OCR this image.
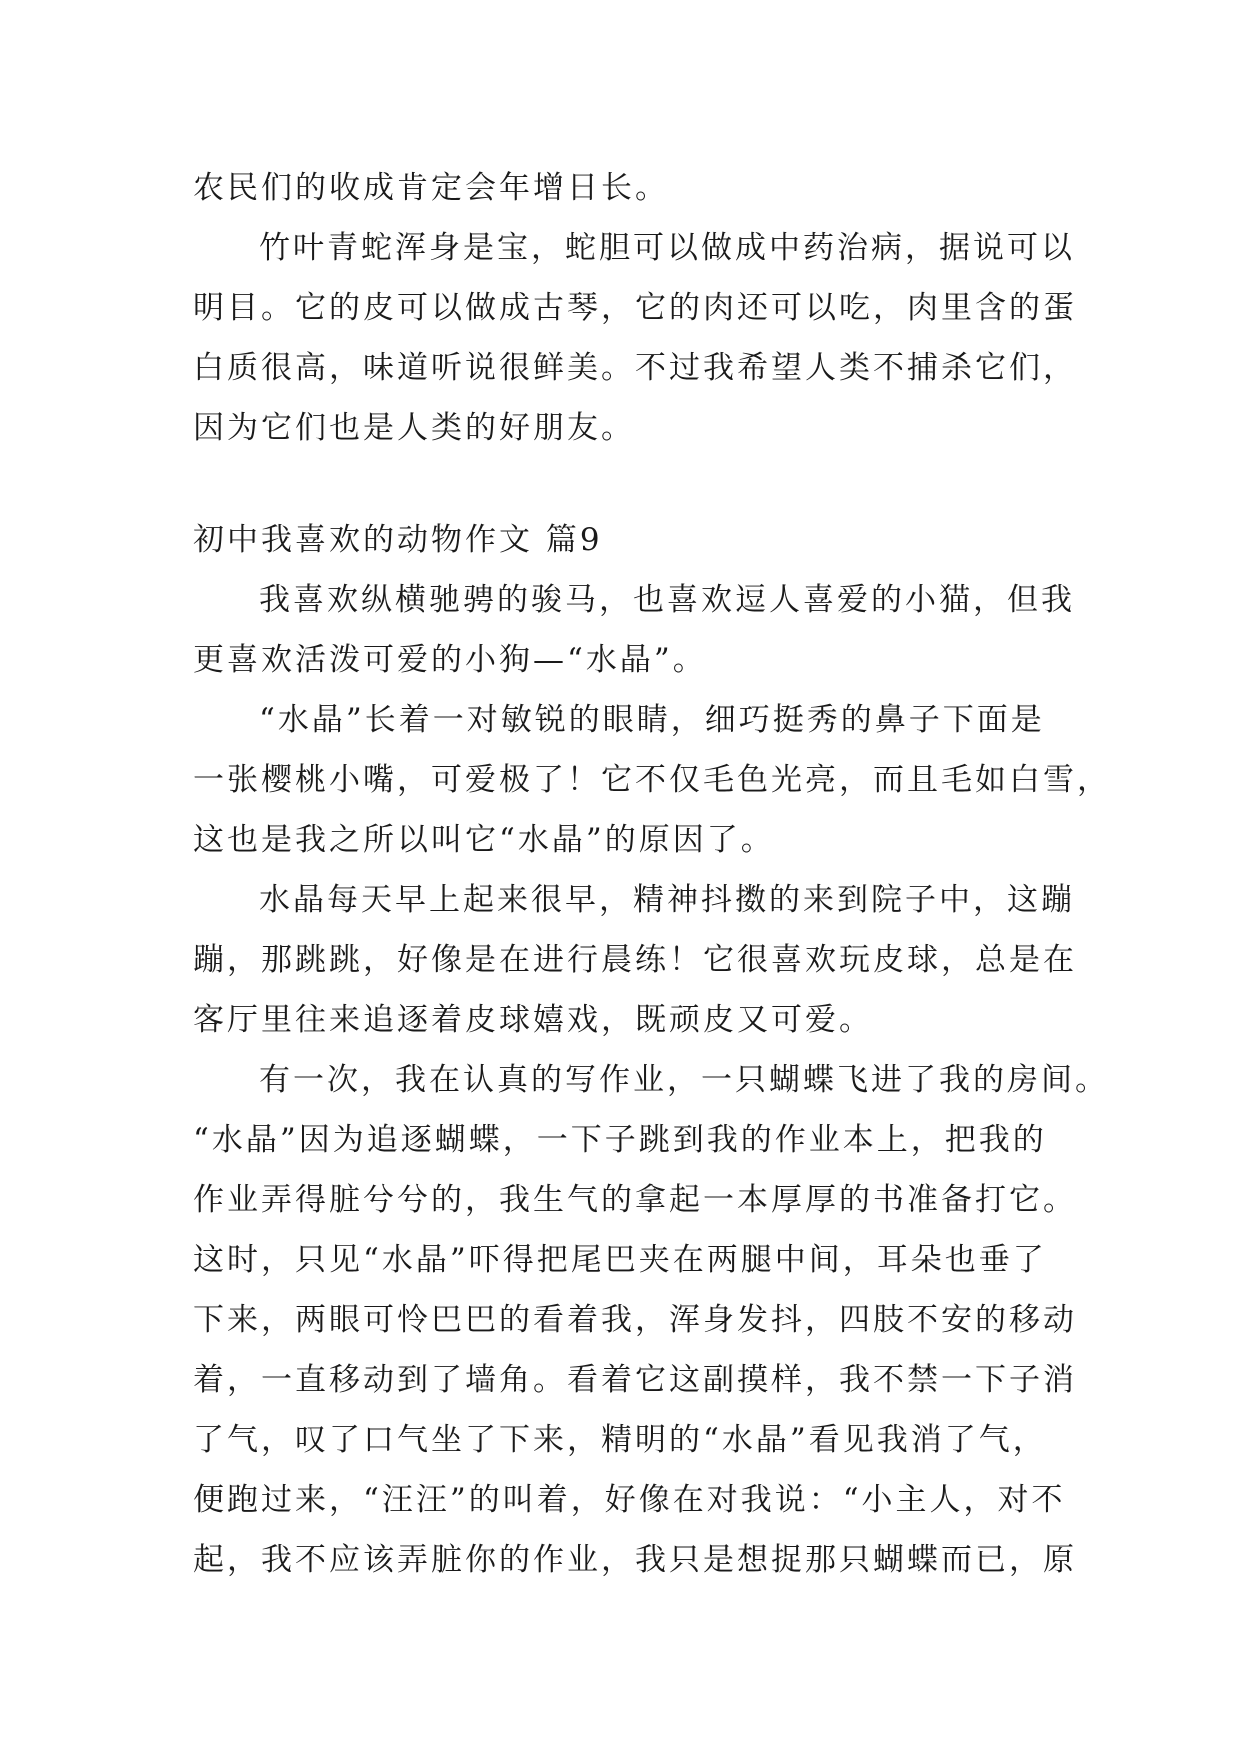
农民们的收成肯定会年增日长。
竹叶青蛇浑身是宝，蛇胆可以做成中药治病，据说可以
明目。它的皮可以做成古琴，它的肉还可以吃，肉里含的蛋
白质很高，味道听说很鲜美。不过我希望人类不捕杀它们，
因为它们也是人类的好朋友。
初中我喜欢的动物作文 篇9
我喜欢纵横驰骋的骏马，也喜欢逗人喜爱的小猫，但我
更喜欢活泼可爱的小狗—“水晶”。
“水晶”长着一对敏锐的眼睛，细巧挺秀的鼻子下面是
一张樱桃小嘴，可爱极了！它不仅毛色光亮，而且毛如白雪，
这也是我之所以叫它“水晶”的原因了。
水晶每天早上起来很早，精神抖擞的来到院子中，这蹦
蹦，那跳跳，好像是在进行晨练！它很喜欢玩皮球，总是在
客厅里往来追逐着皮球嬉戏，既顽皮又可爱。
有一次，我在认真的写作业，一只蝴蝶飞进了我的房间。
“水晶”因为追逐蝴蝶，一下子跳到我的作业本上，把我的
作业弄得脏兮兮的，我生气的拿起一本厚厚的书准备打它。
这时，只见“水晶”吓得把尾巴夹在两腿中间，耳朵也垂了
下来，两眼可怜巴巴的看着我，浑身发抖，四肢不安的移动
着，一直移动到了墙角。看着它这副摸样，我不禁一下子消
了气，叹了口气坐了下来，精明的“水晶”看见我消了气，
便跑过来，“汪汪”的叫着，好像在对我说：“小主人，对不
起，我不应该弄脏你的作业，我只是想捉那只蝴蝶而已，原
